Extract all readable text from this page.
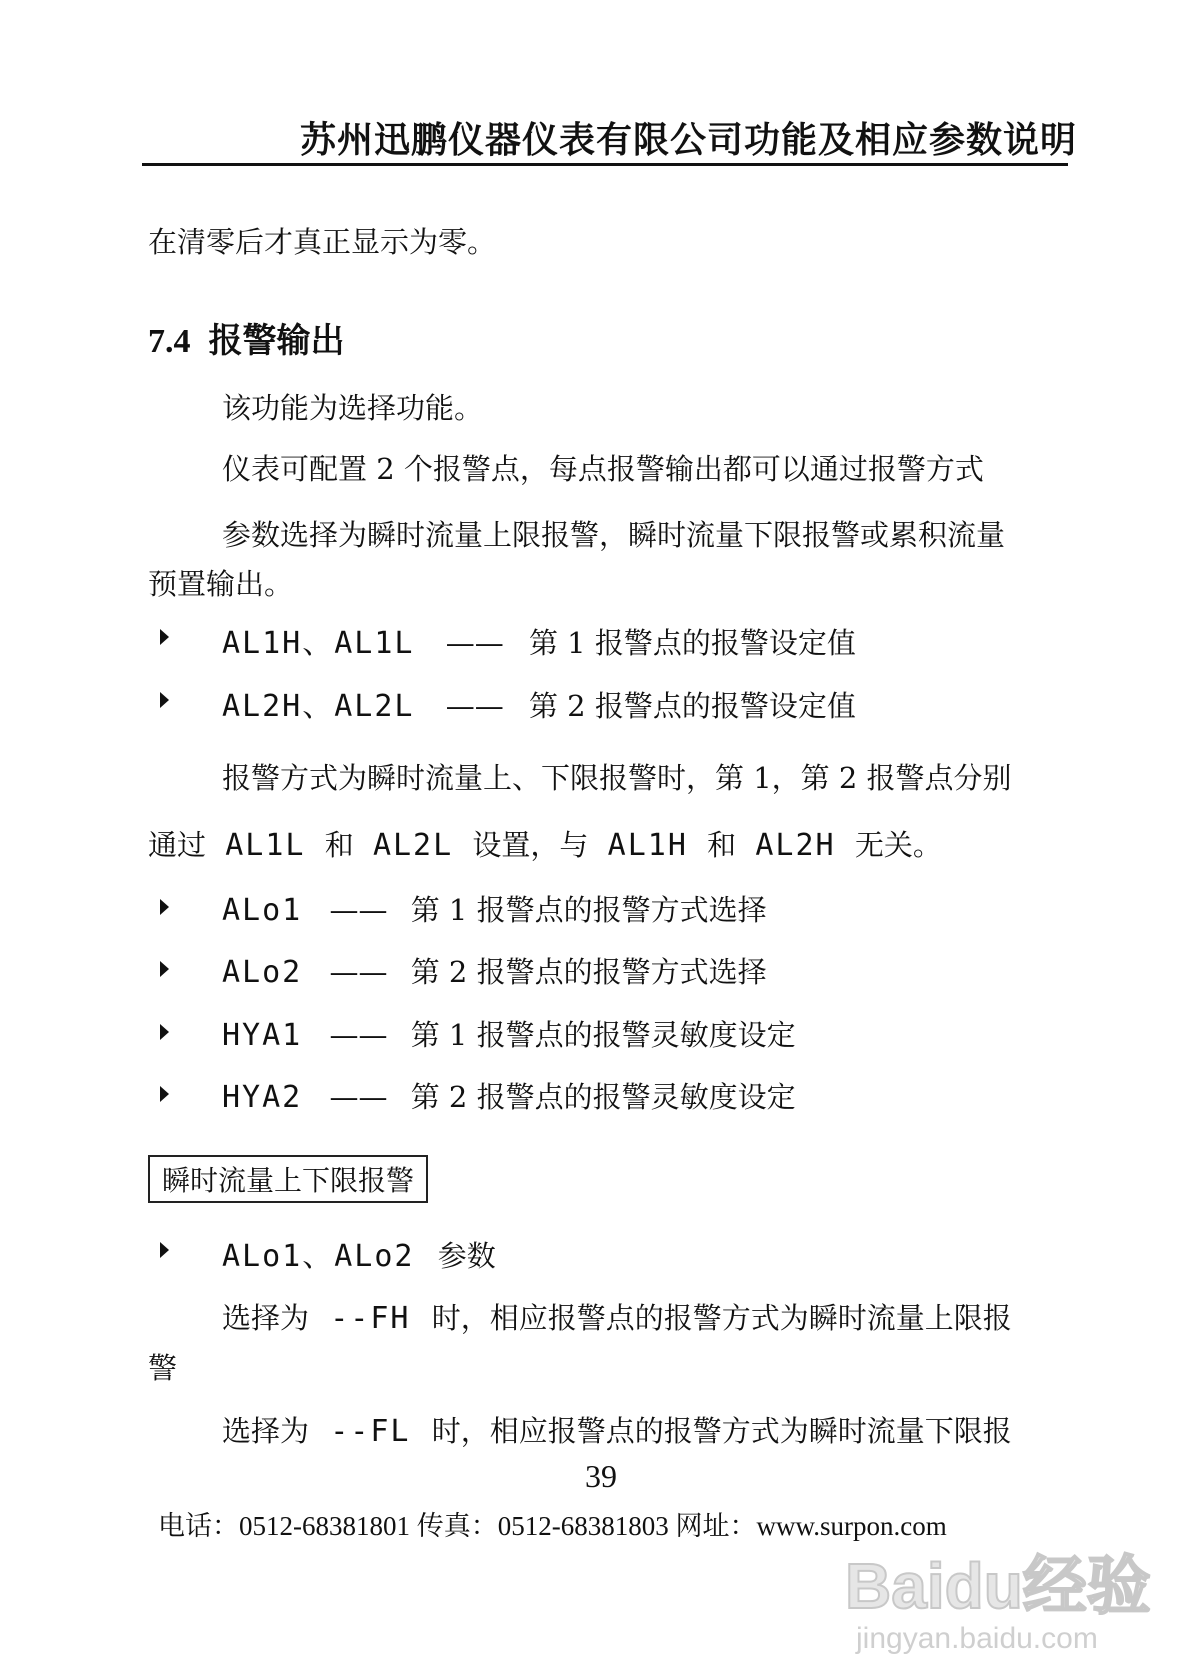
苏州迅鹏仪器仪表有限公司功能及相应参数说明
在清零后才真正显示为零。
7.4 报警输出
该功能为选择功能。
仪表可配置 2 个报警点，每点报警输出都可以通过报警方式
参数选择为瞬时流量上限报警，瞬时流量下限报警或累积流量
预置输出。
AL1H、AL1L —— 第 1 报警点的报警设定值
AL2H、AL2L —— 第 2 报警点的报警设定值
报警方式为瞬时流量上、下限报警时，第 1，第 2 报警点分别
通过 AL1L 和 AL2L 设置，与 AL1H 和 AL2H 无关。
ALo1 —— 第 1 报警点的报警方式选择
ALo2 —— 第 2 报警点的报警方式选择
HYA1 —— 第 1 报警点的报警灵敏度设定
HYA2 —— 第 2 报警点的报警灵敏度设定
瞬时流量上下限报警
ALo1、ALo2 参数
选择为 --FH 时，相应报警点的报警方式为瞬时流量上限报
警
选择为 --FL 时，相应报警点的报警方式为瞬时流量下限报
39
电话：0512-68381801 传真：0512-68381803 网址：www.surpon.com
Baidu经验
jingyan.baidu.com
